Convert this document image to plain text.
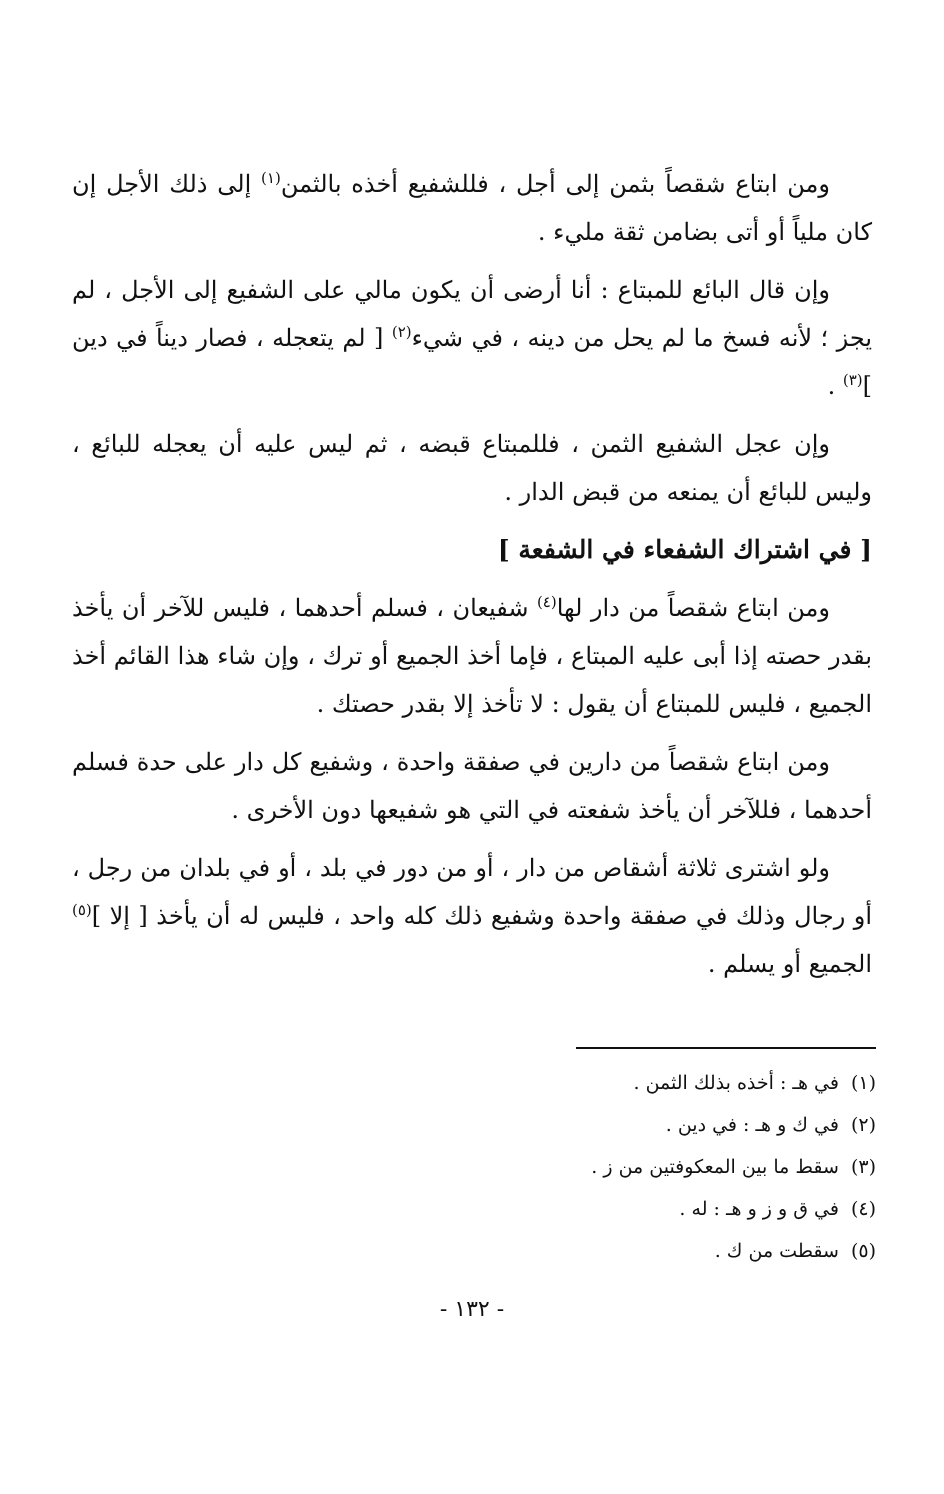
ومن ابتاع شقصاً بثمن إلى أجل ، فللشفيع أخذه بالثمن$^{(١)}$ إلى ذلك الأجل إن كان ملياً أو أتى بضامن ثقة مليء .

وإن قال البائع للمبتاع : أنا أرضى أن يكون مالي على الشفيع إلى الأجل ، لم يجز ؛ لأنه فسخ ما لم يحل من دينه ، في شيء$^{(٢)}$ [ لم يتعجله ، فصار ديناً في دين ]$^{(٣)}$ .

وإن عجل الشفيع الثمن ، فللمبتاع قبضه ، ثم ليس عليه أن يعجله للبائع ، وليس للبائع أن يمنعه من قبض الدار .

[ في اشتراك الشفعاء في الشفعة ]

ومن ابتاع شقصاً من دار لها$^{(٤)}$ شفيعان ، فسلم أحدهما ، فليس للآخر أن يأخذ بقدر حصته إذا أبى عليه المبتاع ، فإما أخذ الجميع أو ترك ، وإن شاء هذا القائم أخذ الجميع ، فليس للمبتاع أن يقول : لا تأخذ إلا بقدر حصتك .

ومن ابتاع شقصاً من دارين في صفقة واحدة ، وشفيع كل دار على حدة فسلم أحدهما ، فللآخر أن يأخذ شفعته في التي هو شفيعها دون الأخرى .

ولو اشترى ثلاثة أشقاص من دار ، أو من دور في بلد ، أو في بلدان من رجل ، أو رجال وذلك في صفقة واحدة وشفيع ذلك كله واحد ، فليس له أن يأخذ [ إلا ]$^{(٥)}$ الجميع أو يسلم .

(١)في هـ : أخذه بذلك الثمن .
(٢)في ك و هـ : في دين .
(٣)سقط ما بين المعكوفتين من ز .
(٤)في ق و ز و هـ : له .
(٥)سقطت من ك .
- ١٣٢ -
